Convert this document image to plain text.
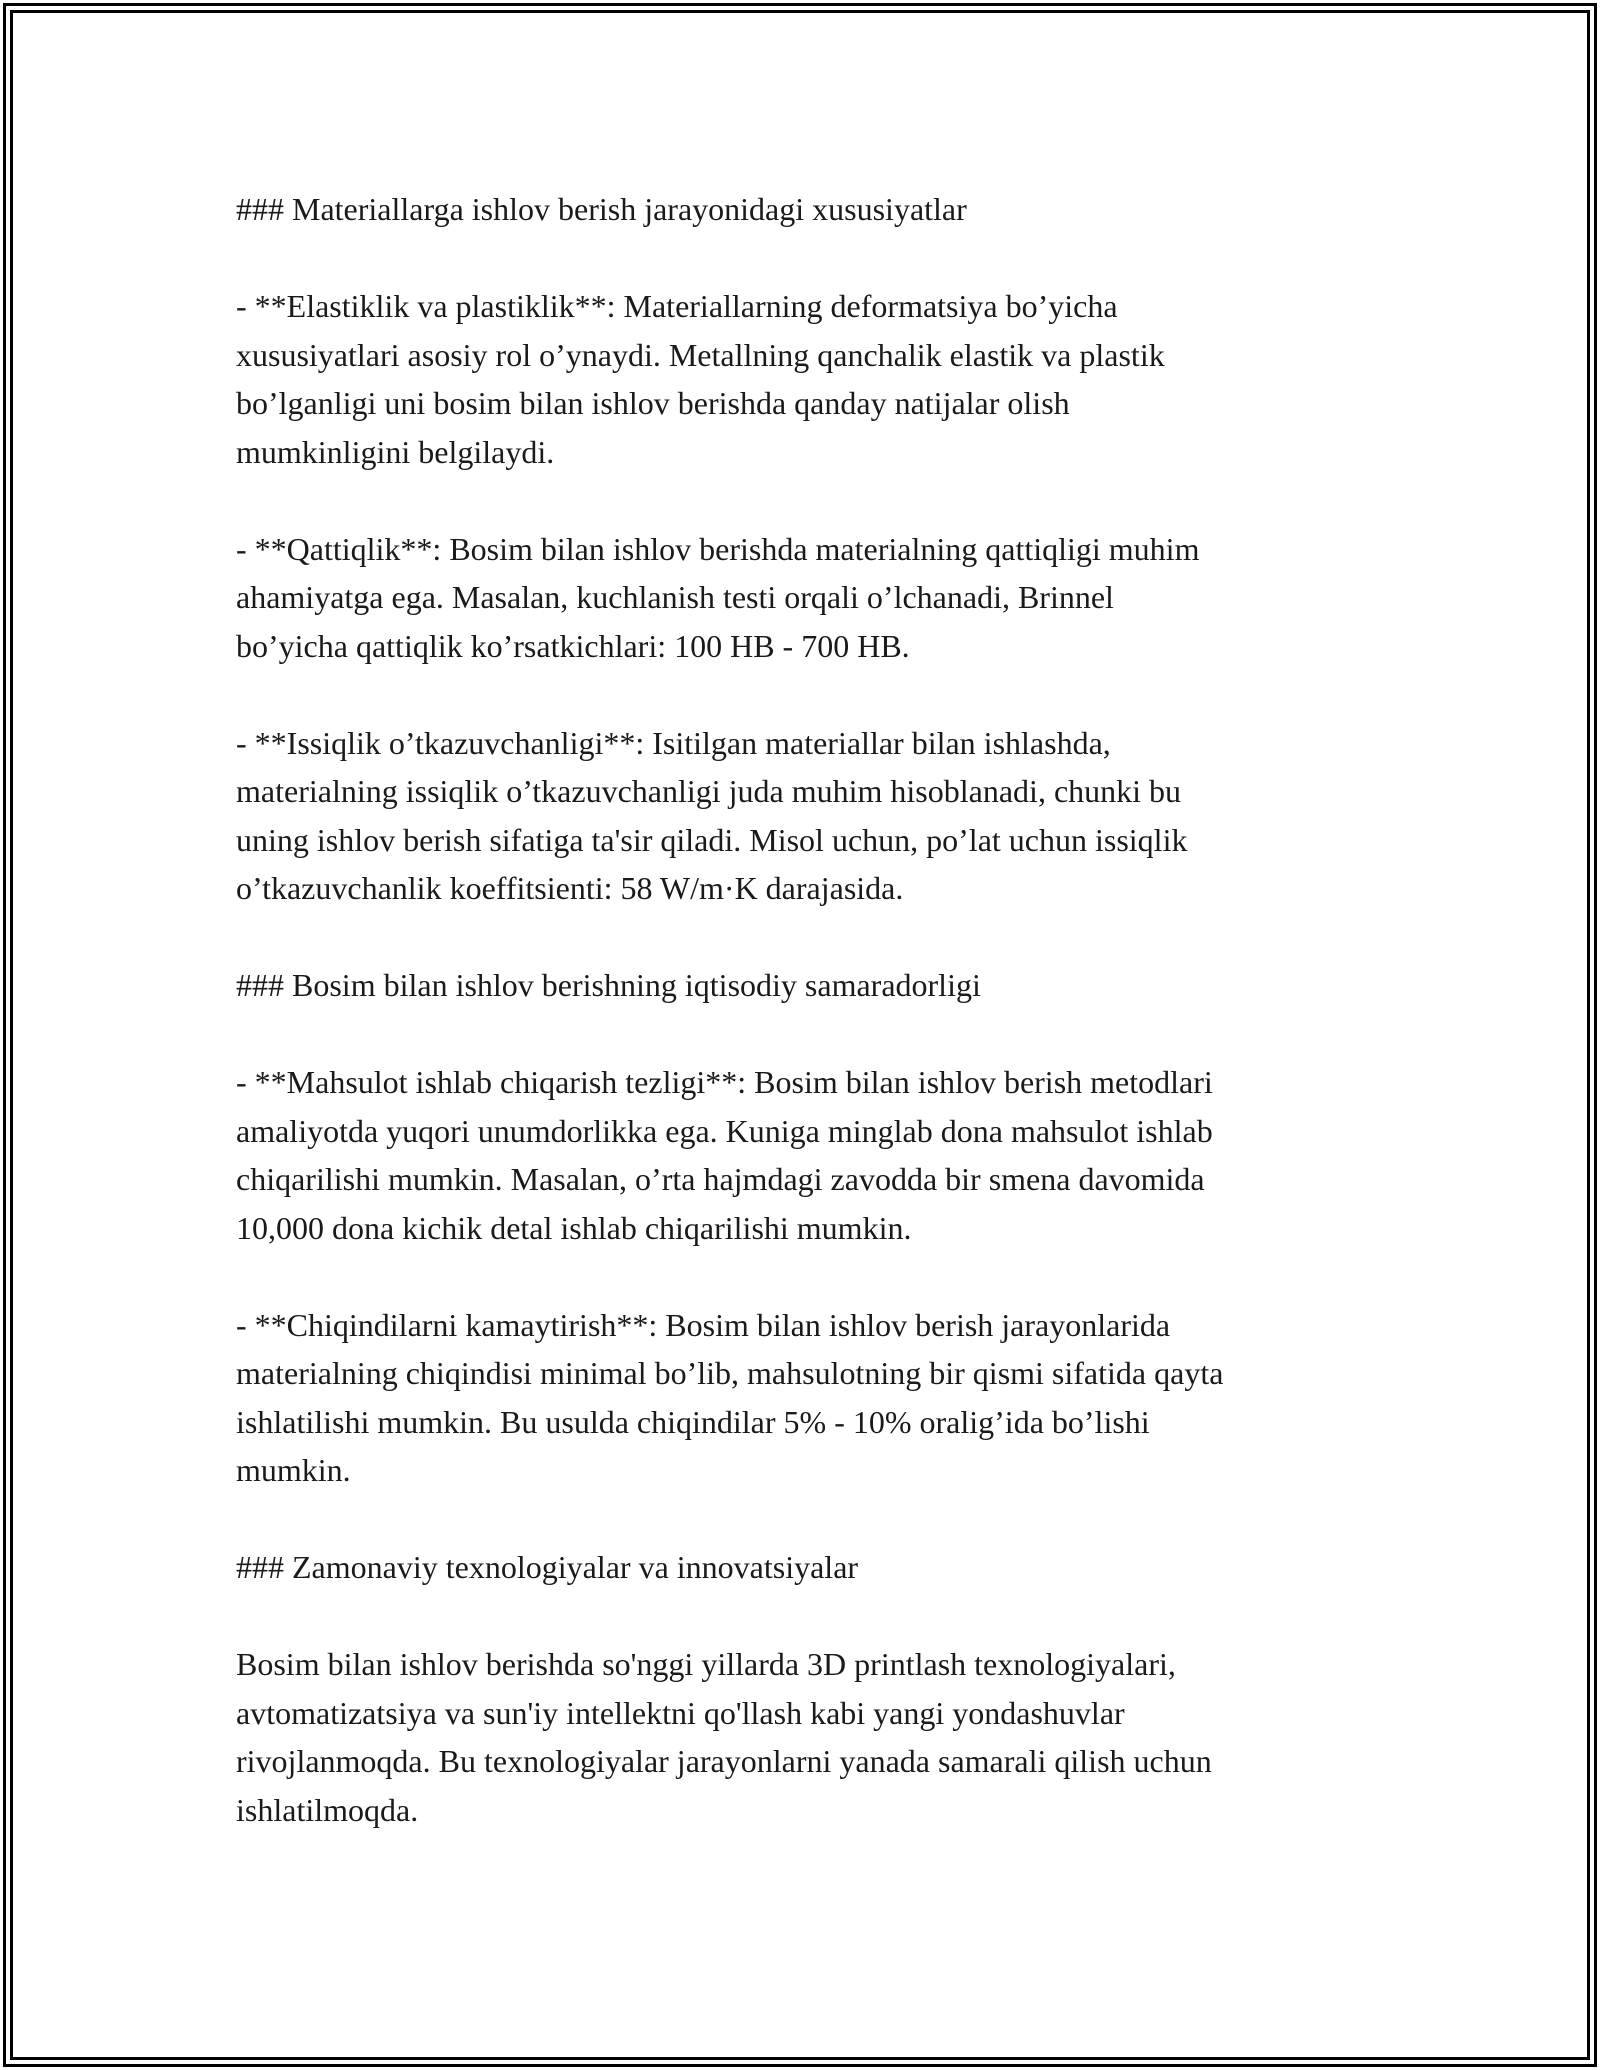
### Materiallarga ishlov berish jarayonidagi xususiyatlar
- **Elastiklik va plastiklik**: Materiallarning deformatsiya bo’yicha
xususiyatlari asosiy rol o’ynaydi. Metallning qanchalik elastik va plastik
bo’lganligi uni bosim bilan ishlov berishda qanday natijalar olish
mumkinligini belgilaydi.
- **Qattiqlik**: Bosim bilan ishlov berishda materialning qattiqligi muhim
ahamiyatga ega. Masalan, kuchlanish testi orqali o’lchanadi, Brinnel
bo’yicha qattiqlik ko’rsatkichlari: 100 HB - 700 HB.
- **Issiqlik o’tkazuvchanligi**: Isitilgan materiallar bilan ishlashda,
materialning issiqlik o’tkazuvchanligi juda muhim hisoblanadi, chunki bu
uning ishlov berish sifatiga ta'sir qiladi. Misol uchun, po’lat uchun issiqlik
o’tkazuvchanlik koeffitsienti: 58 W/m·K darajasida.
### Bosim bilan ishlov berishning iqtisodiy samaradorligi
- **Mahsulot ishlab chiqarish tezligi**: Bosim bilan ishlov berish metodlari
amaliyotda yuqori unumdorlikka ega. Kuniga minglab dona mahsulot ishlab
chiqarilishi mumkin. Masalan, o’rta hajmdagi zavodda bir smena davomida
10,000 dona kichik detal ishlab chiqarilishi mumkin.
- **Chiqindilarni kamaytirish**: Bosim bilan ishlov berish jarayonlarida
materialning chiqindisi minimal bo’lib, mahsulotning bir qismi sifatida qayta
ishlatilishi mumkin. Bu usulda chiqindilar 5% - 10% oralig’ida bo’lishi
mumkin.
### Zamonaviy texnologiyalar va innovatsiyalar
Bosim bilan ishlov berishda so'nggi yillarda 3D printlash texnologiyalari,
avtomatizatsiya va sun'iy intellektni qo'llash kabi yangi yondashuvlar
rivojlanmoqda. Bu texnologiyalar jarayonlarni yanada samarali qilish uchun
ishlatilmoqda.
